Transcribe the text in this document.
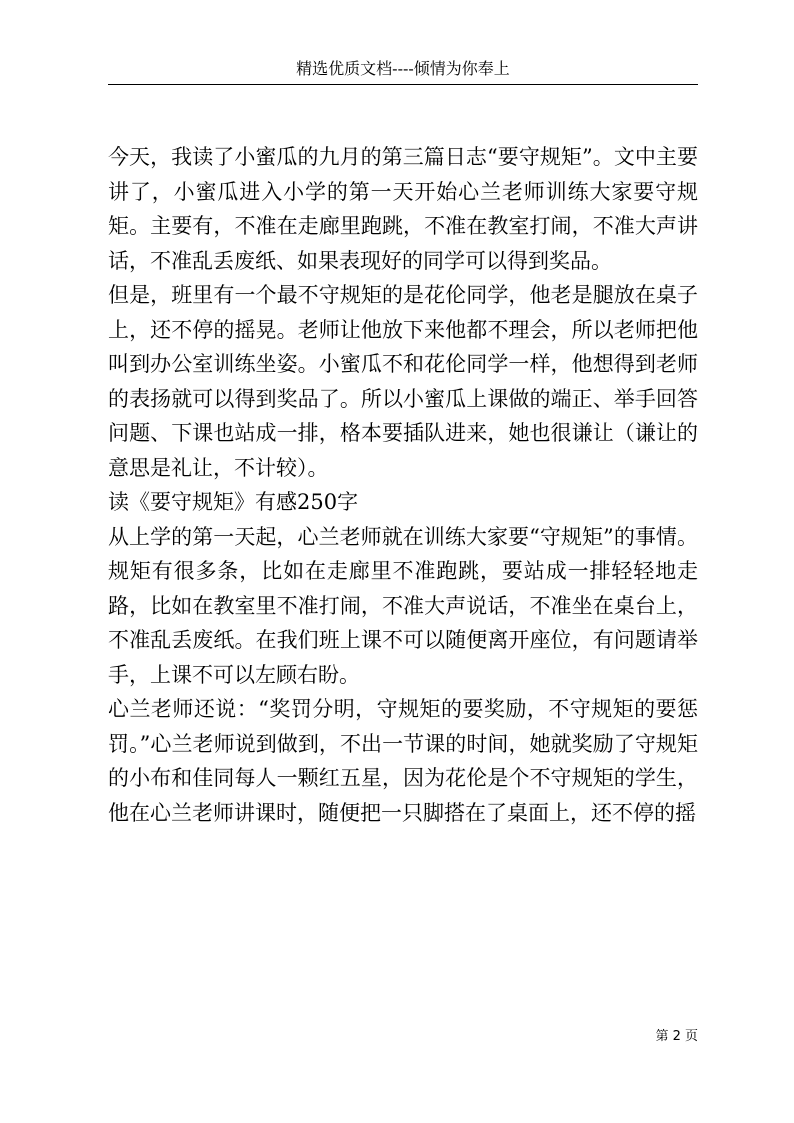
精选优质文档----倾情为你奉上

今天，我读了小蜜瓜的九月的第三篇日志“要守规矩”。文中主要讲了，小蜜瓜进入小学的第一天开始心兰老师训练大家要守规矩。主要有，不准在走廊里跑跳，不准在教室打闹，不准大声讲话，不准乱丢废纸、如果表现好的同学可以得到奖品。

但是，班里有一个最不守规矩的是花伦同学，他老是腿放在桌子上，还不停的摇晃。老师让他放下来他都不理会，所以老师把他叫到办公室训练坐姿。小蜜瓜不和花伦同学一样，他想得到老师的表扬就可以得到奖品了。所以小蜜瓜上课做的端正、举手回答问题、下课也站成一排，格本要插队进来，她也很谦让（谦让的意思是礼让，不计较）。

读《要守规矩》有感250字

从上学的第一天起，心兰老师就在训练大家要“守规矩”的事情。规矩有很多条，比如在走廊里不准跑跳，要站成一排轻轻地走路，比如在教室里不准打闹，不准大声说话，不准坐在桌台上，不准乱丢废纸。在我们班上课不可以随便离开座位，有问题请举手，上课不可以左顾右盼。

心兰老师还说：“奖罚分明，守规矩的要奖励，不守规矩的要惩罚。”心兰老师说到做到，不出一节课的时间，她就奖励了守规矩的小布和佳同每人一颗红五星，因为花伦是个不守规矩的学生，他在心兰老师讲课时，随便把一只脚搭在了桌面上，还不停的摇

第 2 页
